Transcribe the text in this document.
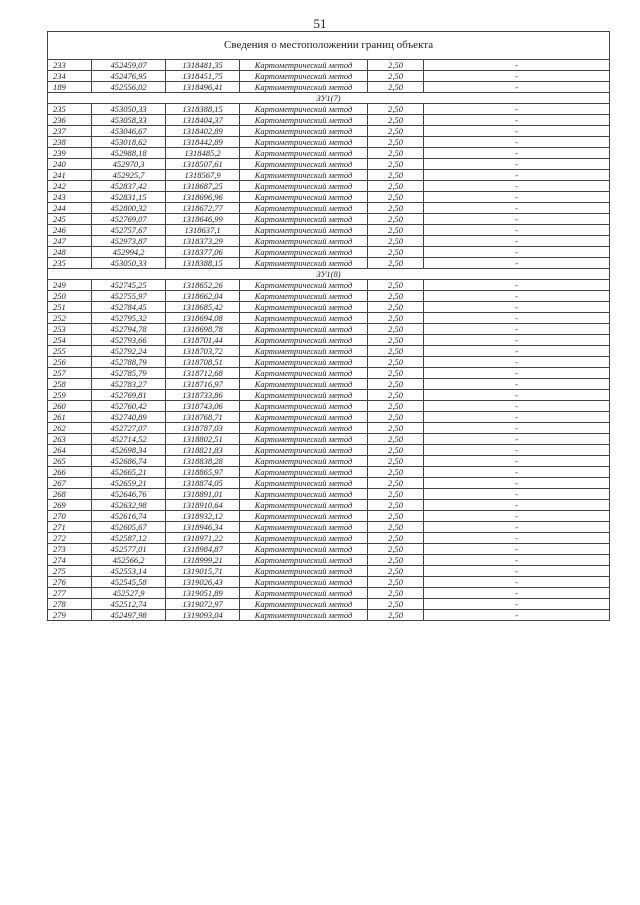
51
Сведения о местоположении границ объекта					
233	452459,07	1318481,35	Картометрический метод	2,50	-
234	452476,95	1318451,75	Картометрический метод	2,50	-
189	452556,02	1318496,41	Картометрический метод	2,50	-
ЗУ1(7)					
235	453050,33	1318388,15	Картометрический метод	2,50	-
236	453058,33	1318404,37	Картометрический метод	2,50	-
237	453046,67	1318402,89	Картометрический метод	2,50	-
238	453018,62	1318442,89	Картометрический метод	2,50	-
239	452988,18	1318485,2	Картометрический метод	2,50	-
240	452970,3	1318507,61	Картометрический метод	2,50	-
241	452925,7	1318567,9	Картометрический метод	2,50	-
242	452837,42	1318687,25	Картометрический метод	2,50	-
243	452831,15	1318696,96	Картометрический метод	2,50	-
244	452800,32	1318672,77	Картометрический метод	2,50	-
245	452769,07	1318646,99	Картометрический метод	2,50	-
246	452757,67	1318637,1	Картометрический метод	2,50	-
247	452973,87	1318373,29	Картометрический метод	2,50	-
248	452994,2	1318377,06	Картометрический метод	2,50	-
235	453050,33	1318388,15	Картометрический метод	2,50	-
ЗУ1(8)					
249	452745,25	1318652,26	Картометрический метод	2,50	-
250	452755,97	1318662,04	Картометрический метод	2,50	-
251	452784,45	1318685,42	Картометрический метод	2,50	-
252	452795,32	1318694,08	Картометрический метод	2,50	-
253	452794,78	1318698,78	Картометрический метод	2,50	-
254	452793,66	1318701,44	Картометрический метод	2,50	-
255	452792,24	1318703,72	Картометрический метод	2,50	-
256	452788,79	1318708,51	Картометрический метод	2,50	-
257	452785,79	1318712,68	Картометрический метод	2,50	-
258	452783,27	1318716,97	Картометрический метод	2,50	-
259	452769,81	1318733,86	Картометрический метод	2,50	-
260	452760,42	1318743,06	Картометрический метод	2,50	-
261	452740,89	1318768,71	Картометрический метод	2,50	-
262	452727,07	1318787,03	Картометрический метод	2,50	-
263	452714,52	1318802,51	Картометрический метод	2,50	-
264	452698,34	1318821,83	Картометрический метод	2,50	-
265	452686,74	1318838,28	Картометрический метод	2,50	-
266	452665,21	1318865,97	Картометрический метод	2,50	-
267	452659,21	1318874,05	Картометрический метод	2,50	-
268	452646,76	1318891,01	Картометрический метод	2,50	-
269	452632,98	1318910,64	Картометрический метод	2,50	-
270	452616,74	1318932,12	Картометрический метод	2,50	-
271	452605,67	1318946,34	Картометрический метод	2,50	-
272	452587,12	1318971,22	Картометрический метод	2,50	-
273	452577,01	1318984,87	Картометрический метод	2,50	-
274	452566,2	1318999,21	Картометрический метод	2,50	-
275	452553,14	1319015,71	Картометрический метод	2,50	-
276	452545,58	1319026,43	Картометрический метод	2,50	-
277	452527,9	1319051,89	Картометрический метод	2,50	-
278	452512,74	1319072,97	Картометрический метод	2,50	-
279	452497,98	1319093,04	Картометрический метод	2,50	-
